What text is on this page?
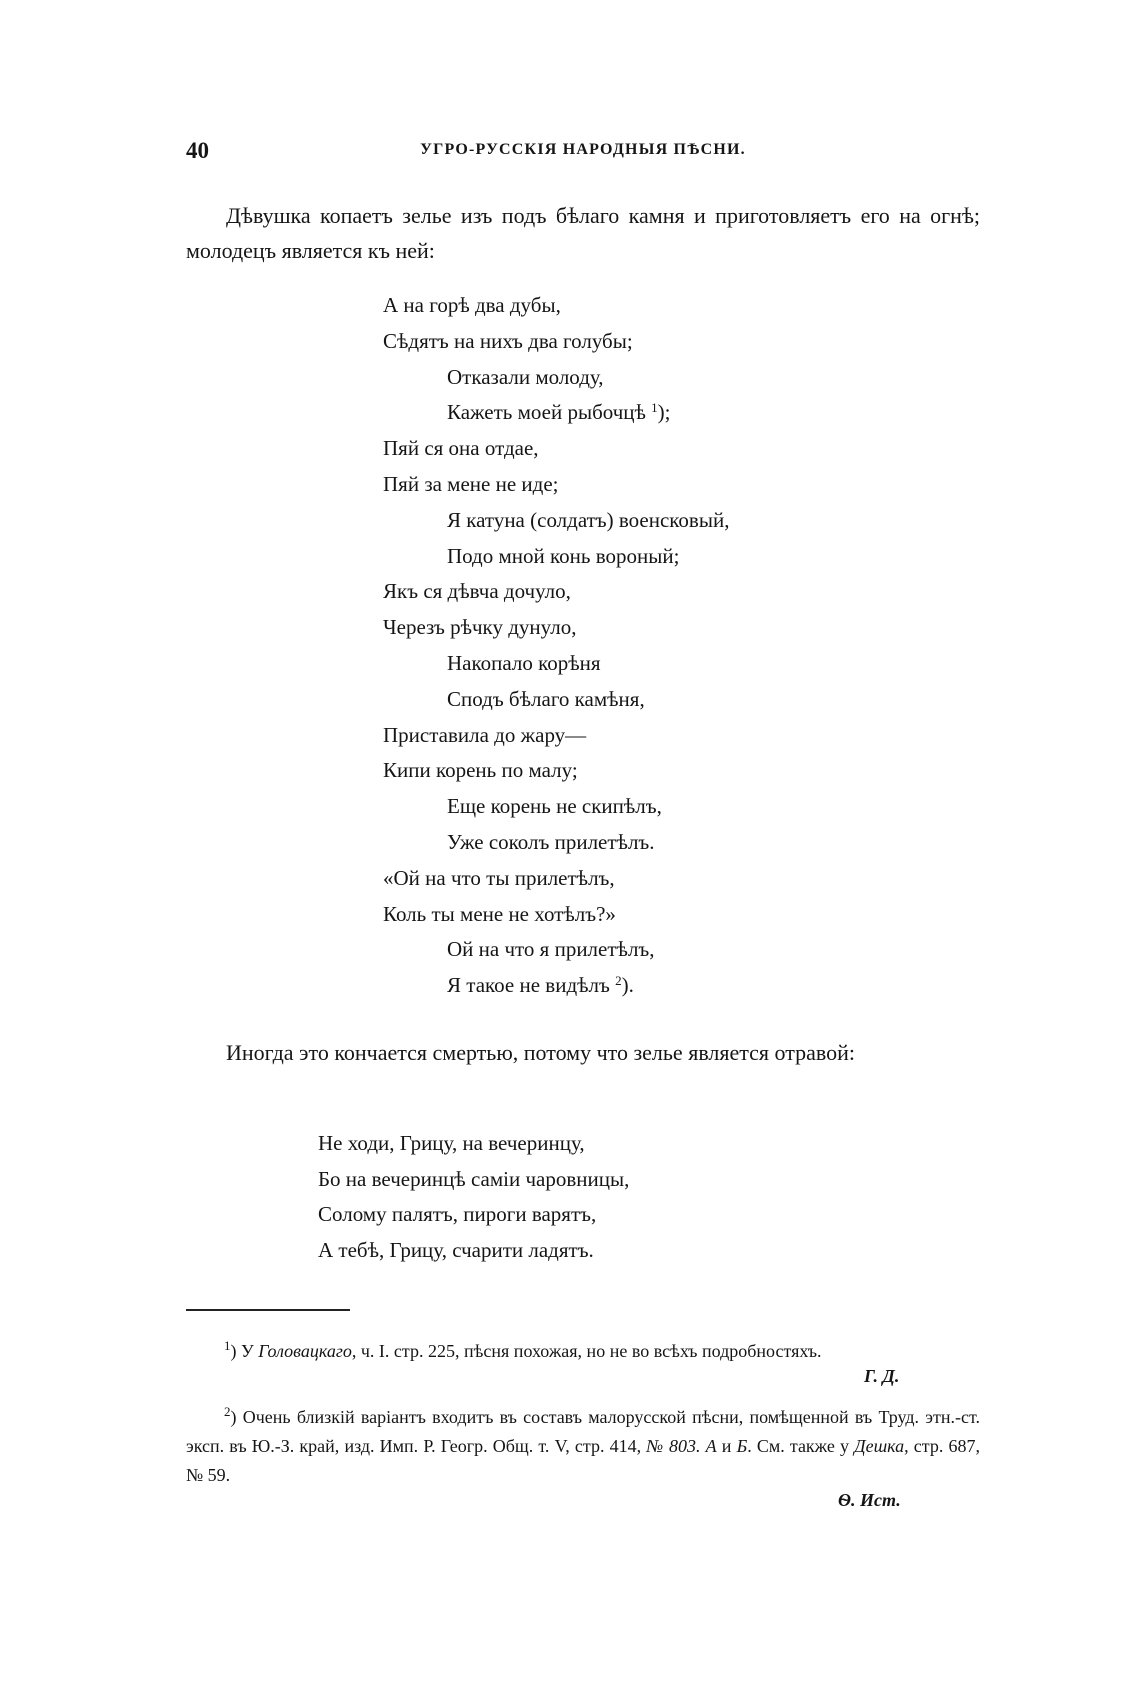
40	УГРО-РУССКІЯ НАРОДНЫЯ ПѢСНИ.

Дѣвушка копаетъ зелье изъ подъ бѣлаго камня и приготовляетъ его на огнѣ; молодецъ является къ ней:

А на горѣ два дубы,
Сѣдятъ на нихъ два голубы;
Отказали молоду,
Кажеть моей рыбочцѣ $^1$);
Пяй ся она отдае,
Пяй за мене не иде;
Я катуна (солдатъ) военсковый,
Подо мной конь вороный;
Якъ ся дѣвча дочуло,
Черезъ рѣчку дунуло,
Накопало корѣня
Сподъ бѣлаго камѣня,
Приставила до жару—
Кипи корень по малу;
Еще корень не скипѣлъ,
Уже соколъ прилетѣлъ.
«Ой на что ты прилетѣлъ,
Коль ты мене не хотѣлъ?»
Ой на что я прилетѣлъ,
Я такое не видѣлъ $^2$).

Иногда это кончается смертью, потому что зелье является отравой:

Не ходи, Грицу, на вечеринцу,
Бо на вечеринцѣ саміи чаровницы,
Солому палятъ, пироги варятъ,
А тебѣ, Грицу, счарити ладятъ.

$^1$) У Головацкаго, ч. I. стр. 225, пѣсня похожая, но не во всѣхъ подробностяхъ.

Г. Д.

$^2$) Очень близкій варіантъ входитъ въ составъ малорусской пѣсни, помѣщенной въ Труд. этн.-ст. эксп. въ Ю.-З. край, изд. Имп. Р. Геогр. Общ. т. V, стр. 414, № 803. А и Б. См. также у Дешка, стр. 687, № 59.

Ѳ. Ист.
